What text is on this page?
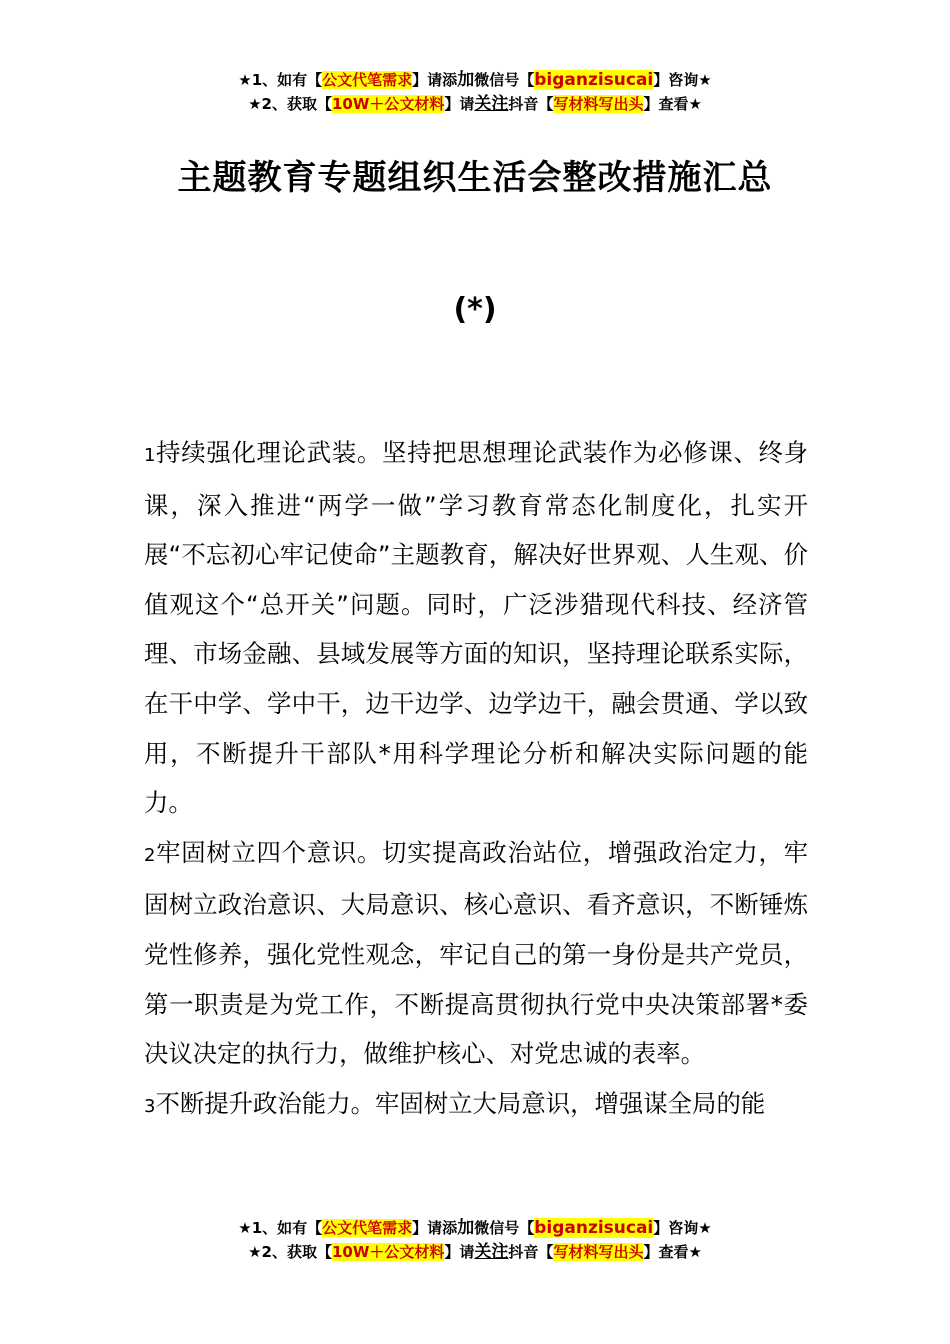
★1、如有【公文代笔需求】请添加微信号【biganzisucai】咨询★
★2、获取【10W＋公文材料】请关注抖音【写材料写出头】查看★
主题教育专题组织生活会整改措施汇总
(*)

1持续强化理论武装。坚持把思想理论武装作为必修课、终身课，深入推进“两学一做”学习教育常态化制度化，扎实开展“不忘初心牢记使命”主题教育，解决好世界观、人生观、价值观这个“总开关”问题。同时，广泛涉猎现代科技、经济管理、市场金融、县域发展等方面的知识，坚持理论联系实际，在干中学、学中干，边干边学、边学边干，融会贯通、学以致用，不断提升干部队*用科学理论分析和解决实际问题的能力。

2牢固树立四个意识。切实提高政治站位，增强政治定力，牢固树立政治意识、大局意识、核心意识、看齐意识，不断锤炼党性修养，强化党性观念，牢记自己的第一身份是共产党员，第一职责是为党工作，不断提高贯彻执行党中央决策部署*委决议决定的执行力，做维护核心、对党忠诚的表率。

3不断提升政治能力。牢固树立大局意识，增强谋全局的能

★1、如有【公文代笔需求】请添加微信号【biganzisucai】咨询★
★2、获取【10W＋公文材料】请关注抖音【写材料写出头】查看★
